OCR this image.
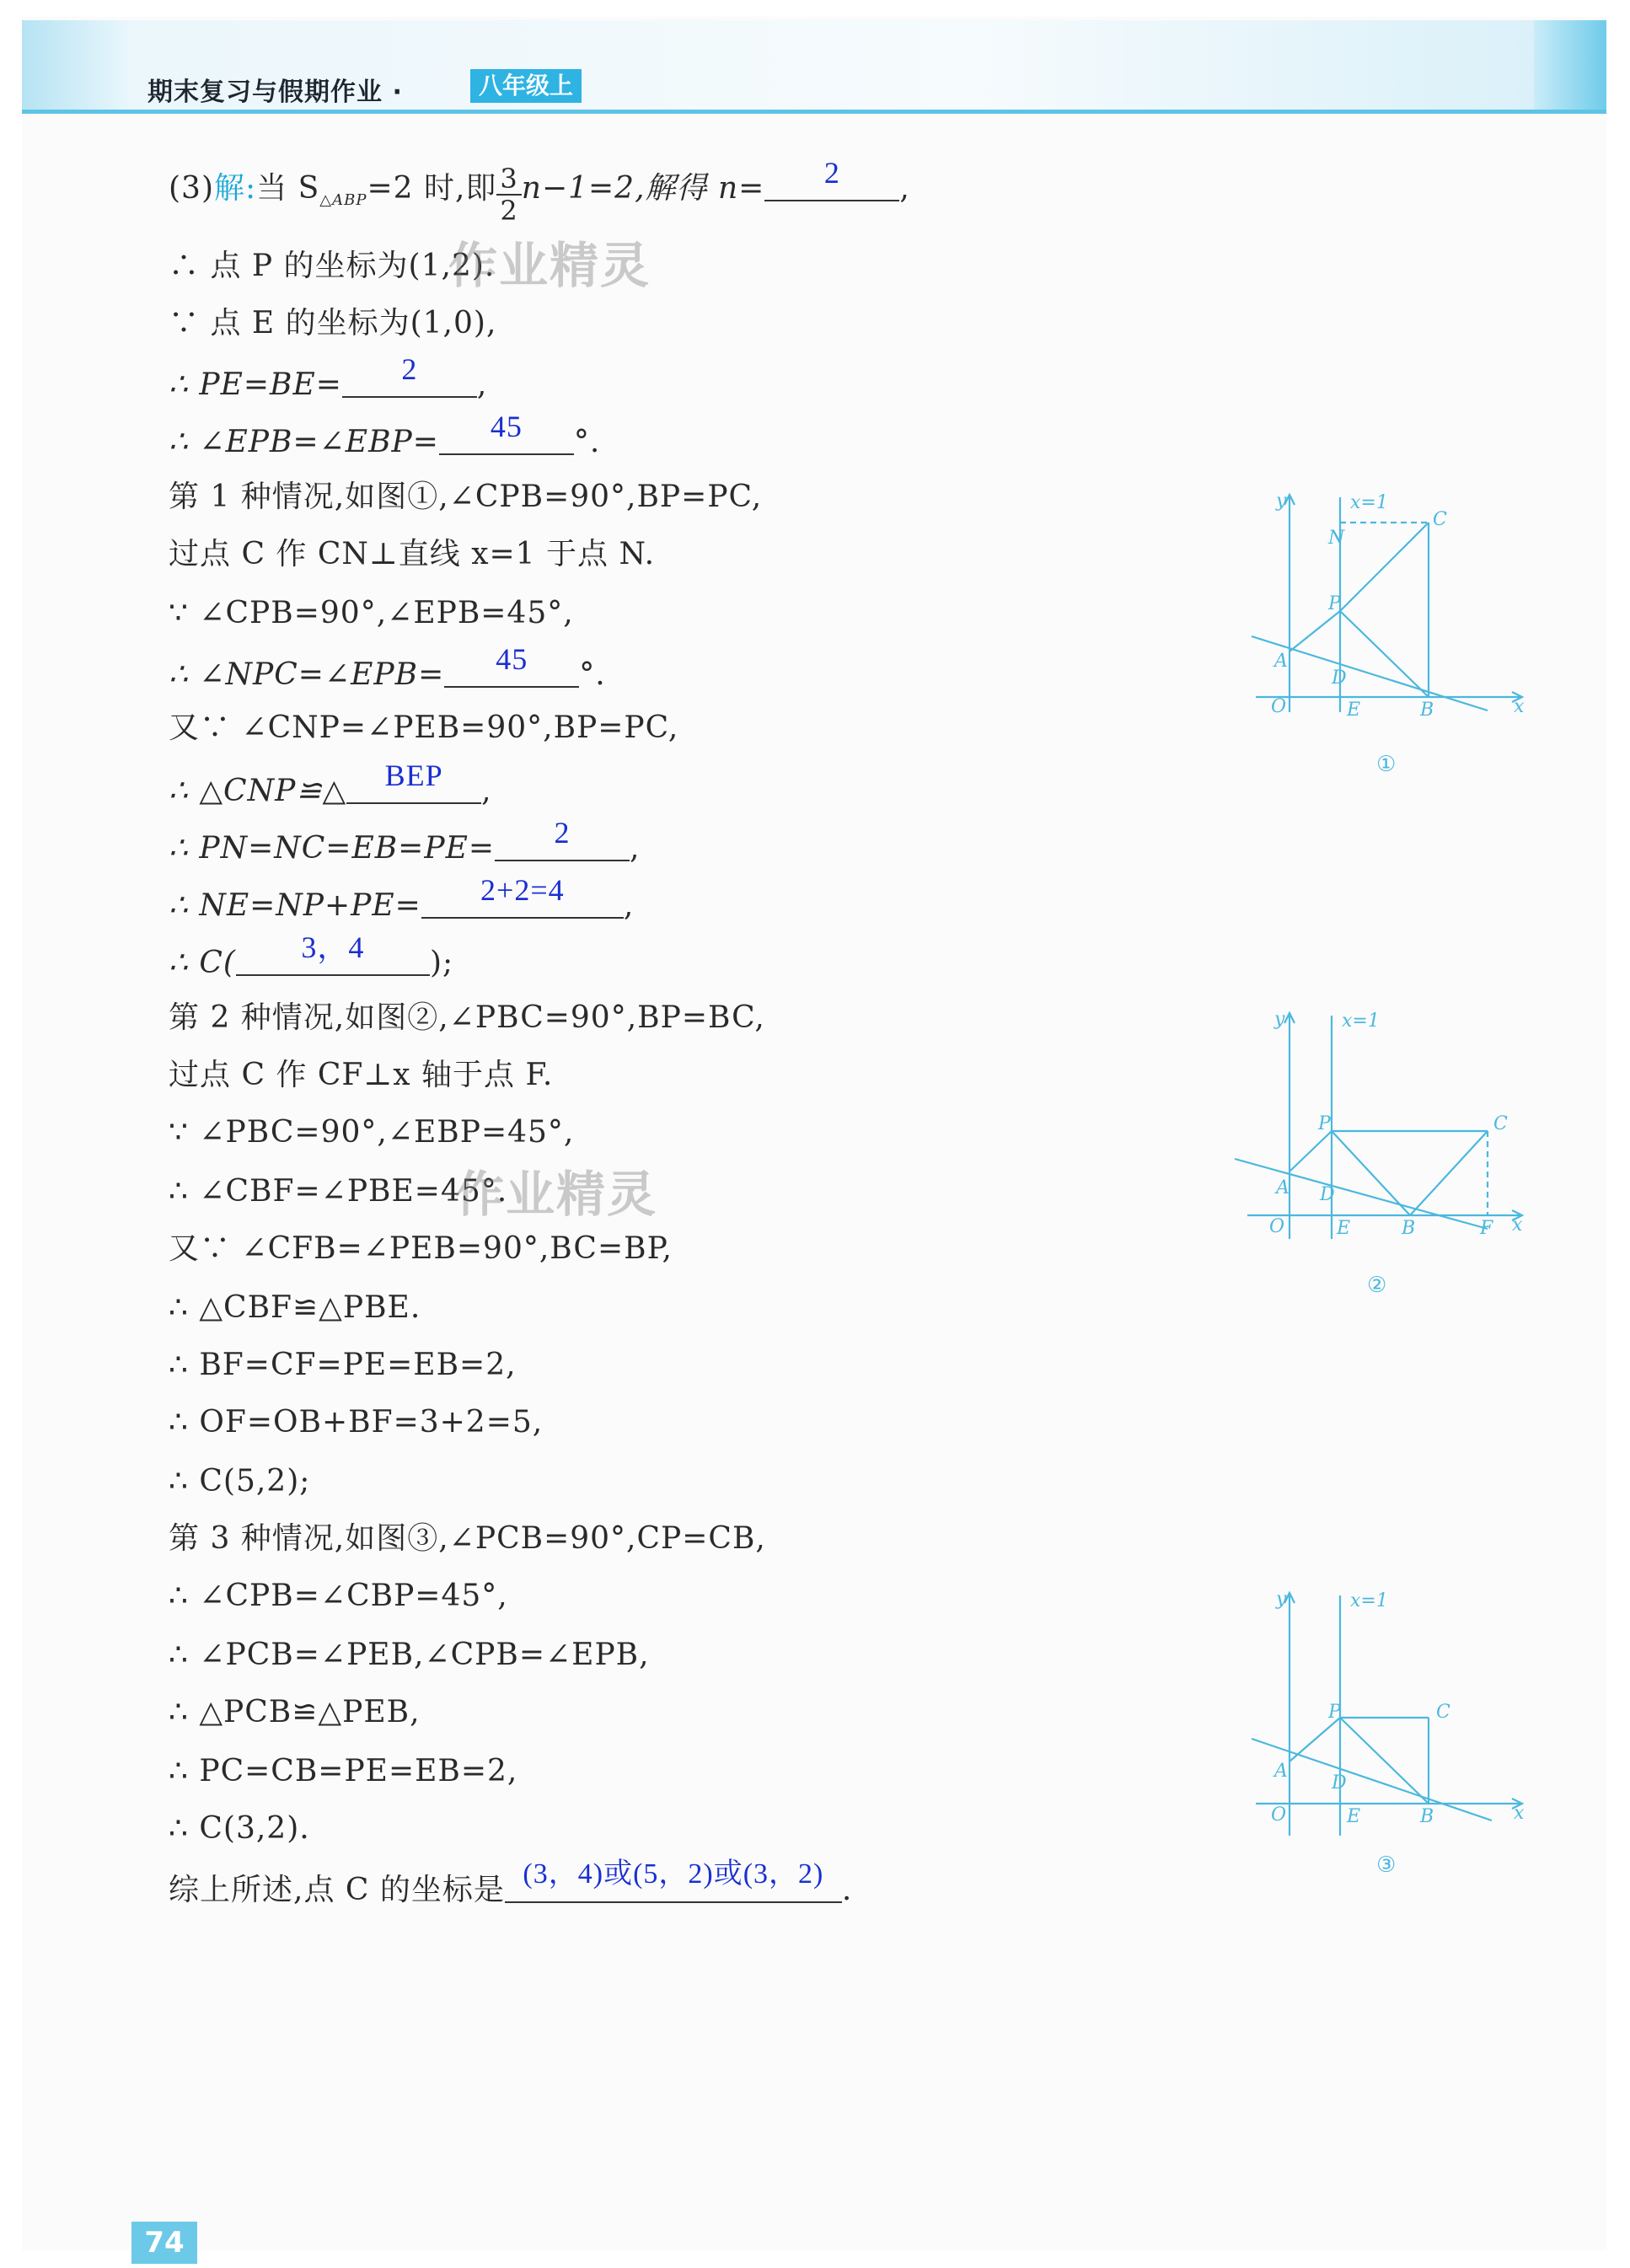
期末复习与假期作业 ·	八年级上
(3)解:当 $S_{\triangle ABP}=2$ 时,即 $\frac{3}{2} n-1=2$,解得 n=	2	,
∴ 点 P 的坐标为(1,2).
∵ 点 E 的坐标为(1,0),
∴ PE=BE=	2	,
∴ ∠EPB=∠EBP=	45	°.
第 1 种情况,如图①,∠CPB=90°,BP=PC,
过点 C 作 CN⊥直线 x=1 于点 N.
∵ ∠CPB=90°,∠EPB=45°,
∴ ∠NPC=∠EPB=	45	°.
又∵ ∠CNP=∠PEB=90°,BP=PC,
∴ △CNP≌△	BEP	,
∴ PN=NC=EB=PE=	2	,
∴ NE=NP+PE=	2+2=4	,
∴ C(	3，4	);
第 2 种情况,如图②,∠PBC=90°,BP=BC,
过点 C 作 CF⊥x 轴于点 F.
∵ ∠PBC=90°,∠EBP=45°,
∴ ∠CBF=∠PBE=45°.
又∵ ∠CFB=∠PEB=90°,BC=BP,
∴ △CBF≌△PBE.
∴ BF=CF=PE=EB=2,
∴ OF=OB+BF=3+2=5,
∴ C(5,2);
第 3 种情况,如图③,∠PCB=90°,CP=CB,
∴ ∠CPB=∠CBP=45°,
∴ ∠PCB=∠PEB,∠CPB=∠EPB,
∴ △PCB≌△PEB,
∴ PC=CB=PE=EB=2,
∴ C(3,2).
综上所述,点 C 的坐标是 (3，4)或(5，2)或(3，2) .
作业精灵
作业精灵
y	x=1
N
C
P
A
D
O	E	B	x
①
y	x=1
P	C
A D
O	E	B	F x
②
y	x=1
P	C
A
D
O	E	B	x
③
74
